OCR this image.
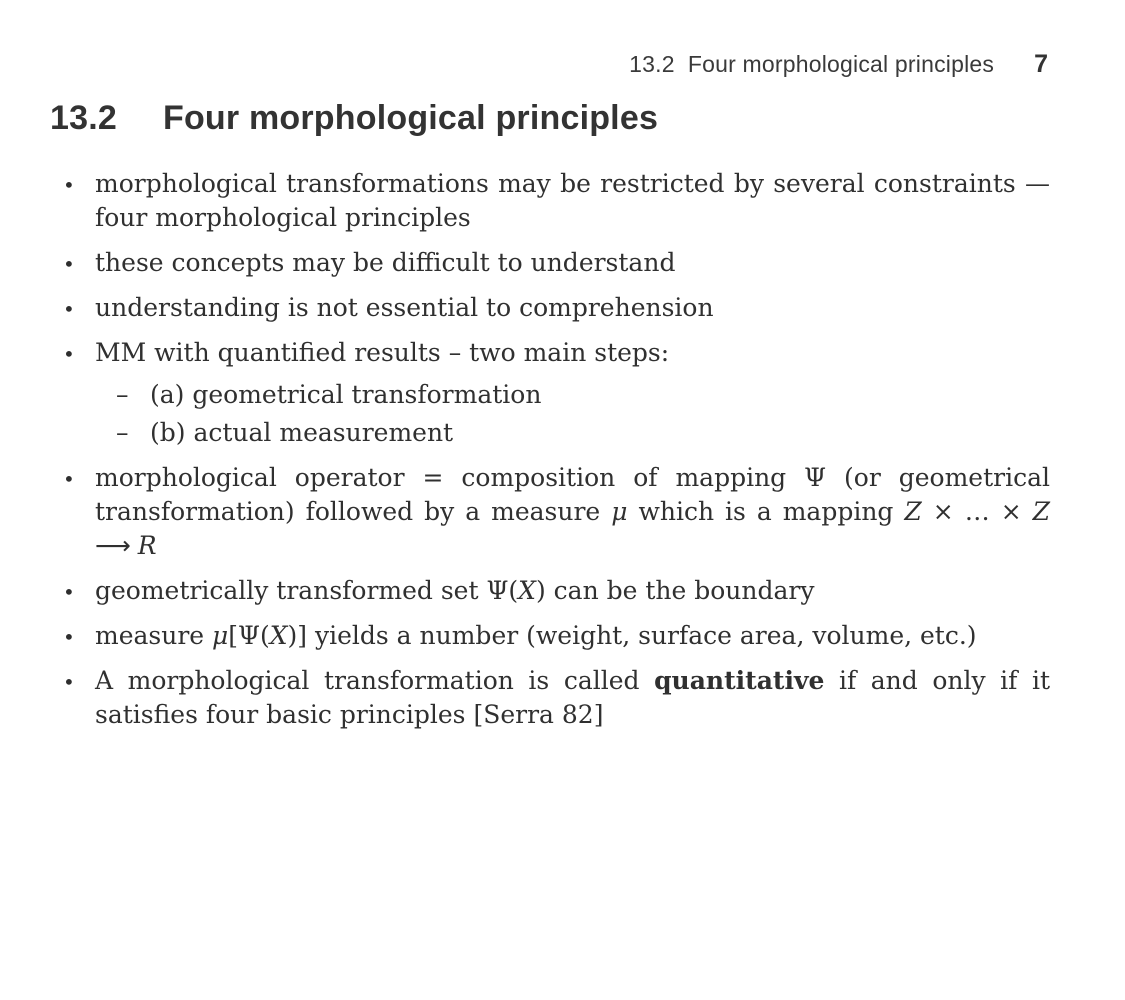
13.2  Four morphological principles 7
13.2 Four morphological principles
• morphological transformations may be restricted by several constraints — four morphological principles
• these concepts may be difficult to understand
• understanding is not essential to comprehension
• MM with quantified results – two main steps:
– (a) geometrical transformation
– (b) actual measurement
• morphological operator = composition of mapping Ψ (or geometrical transformation) followed by a measure μ which is a mapping Z × … × Z ⟶ R
• geometrically transformed set Ψ(X) can be the boundary
• measure μ[Ψ(X)] yields a number (weight, surface area, volume, etc.)
• A morphological transformation is called quantitative if and only if it satisfies four basic principles [Serra 82]
